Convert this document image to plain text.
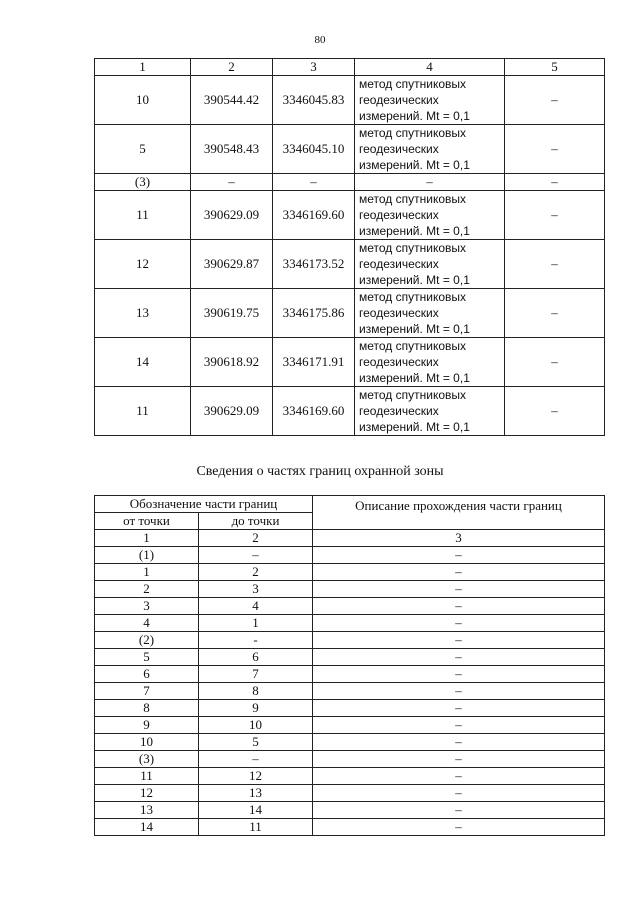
80
1	2	3	4	5
10	390544.42	3346045.83	метод спутниковых
геодезических
измерений. Mt = 0,1	–
5	390548.43	3346045.10	метод спутниковых
геодезических
измерений. Mt = 0,1	–
(3)	–	–	–	–
11	390629.09	3346169.60	метод спутниковых
геодезических
измерений. Mt = 0,1	–
12	390629.87	3346173.52	метод спутниковых
геодезических
измерений. Mt = 0,1	–
13	390619.75	3346175.86	метод спутниковых
геодезических
измерений. Mt = 0,1	–
14	390618.92	3346171.91	метод спутниковых
геодезических
измерений. Mt = 0,1	–
11	390629.09	3346169.60	метод спутниковых
геодезических
измерений. Mt = 0,1	–
Сведения о частях границ охранной зоны
Обозначение части границ		Описание прохождения части границ
от точки	до точки	
1	2	3
(1)	–	–
1	2	–
2	3	–
3	4	–
4	1	–
(2)	-	–
5	6	–
6	7	–
7	8	–
8	9	–
9	10	–
10	5	–
(3)	–	–
11	12	–
12	13	–
13	14	–
14	11	–
